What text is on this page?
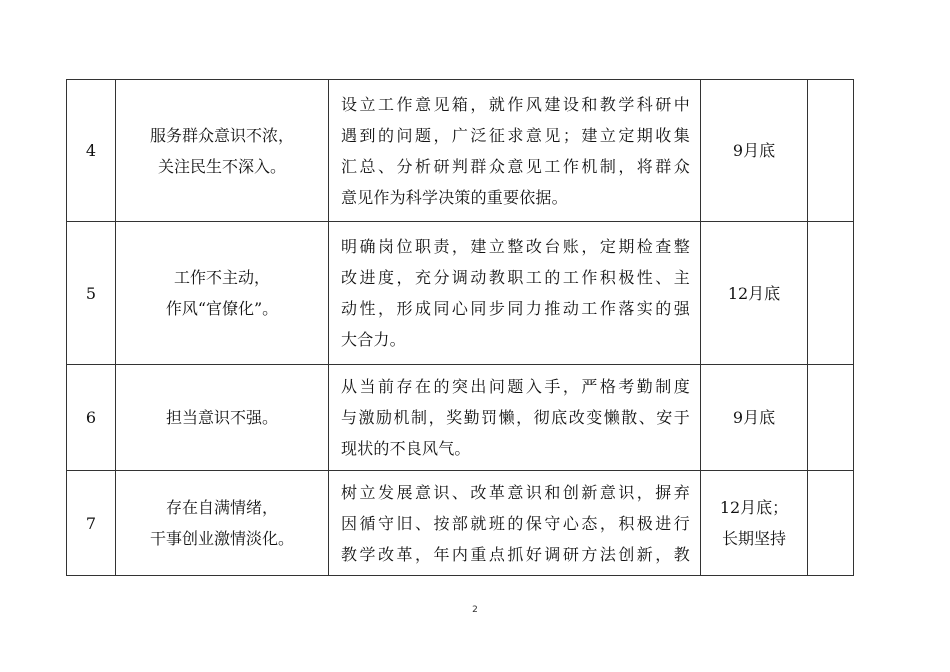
4	服务群众意识不浓，
关注民生不深入。	设立工作意见箱，就作风建设和教学科研中
遇到的问题，广泛征求意见；建立定期收集
汇总、分析研判群众意见工作机制，将群众
意见作为科学决策的重要依据。	9月底	

5	工作不主动，
作风“官僚化”。	明确岗位职责，建立整改台账，定期检查整
改进度，充分调动教职工的工作积极性、主
动性，形成同心同步同力推动工作落实的强
大合力。	12月底	

6	担当意识不强。	从当前存在的突出问题入手，严格考勤制度
与激励机制，奖勤罚懒，彻底改变懒散、安于
现状的不良风气。	9月底	

7	存在自满情绪，
干事创业激情淡化。	树立发展意识、改革意识和创新意识，摒弃
因循守旧、按部就班的保守心态，积极进行
教学改革，年内重点抓好调研方法创新，教	12月底；
长期坚持	

2
